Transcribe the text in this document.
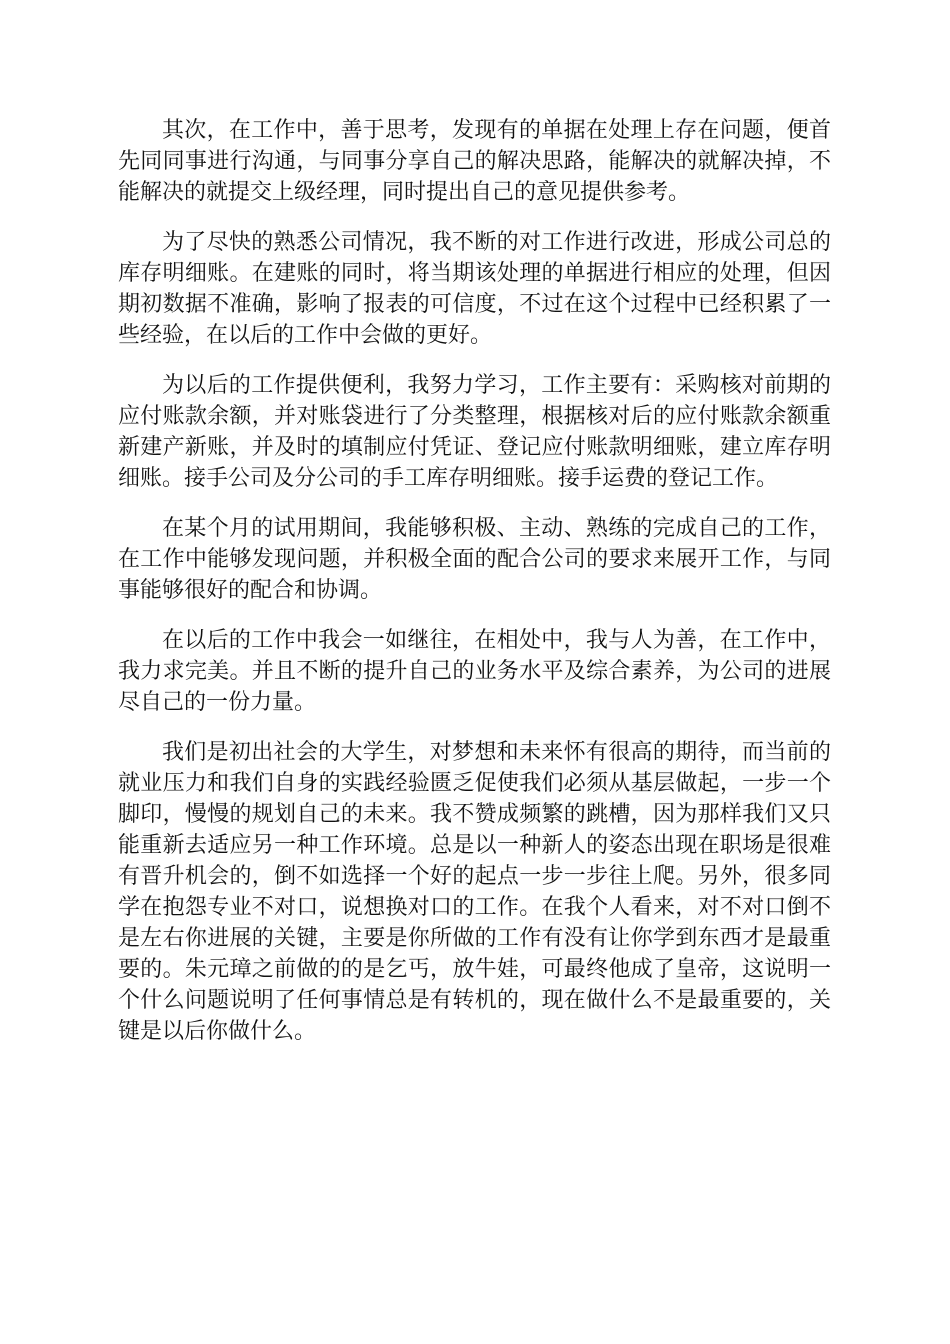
其次，在工作中，善于思考，发现有的单据在处理上存在问题，便首先同同事进行沟通，与同事分享自己的解决思路，能解决的就解决掉，不能解决的就提交上级经理，同时提出自己的意见提供参考。

为了尽快的熟悉公司情况，我不断的对工作进行改进，形成公司总的库存明细账。在建账的同时，将当期该处理的单据进行相应的处理，但因期初数据不准确，影响了报表的可信度，不过在这个过程中已经积累了一些经验，在以后的工作中会做的更好。

为以后的工作提供便利，我努力学习，工作主要有：采购核对前期的应付账款余额，并对账袋进行了分类整理，根据核对后的应付账款余额重新建产新账，并及时的填制应付凭证、登记应付账款明细账，建立库存明细账。接手公司及分公司的手工库存明细账。接手运费的登记工作。

在某个月的试用期间，我能够积极、主动、熟练的完成自己的工作，在工作中能够发现问题，并积极全面的配合公司的要求来展开工作，与同事能够很好的配合和协调。

在以后的工作中我会一如继往，在相处中，我与人为善，在工作中，我力求完美。并且不断的提升自己的业务水平及综合素养，为公司的进展尽自己的一份力量。

我们是初出社会的大学生，对梦想和未来怀有很高的期待，而当前的就业压力和我们自身的实践经验匮乏促使我们必须从基层做起，一步一个脚印，慢慢的规划自己的未来。我不赞成频繁的跳槽，因为那样我们又只能重新去适应另一种工作环境。总是以一种新人的姿态出现在职场是很难有晋升机会的，倒不如选择一个好的起点一步一步往上爬。另外，很多同学在抱怨专业不对口，说想换对口的工作。在我个人看来，对不对口倒不是左右你进展的关键，主要是你所做的工作有没有让你学到东西才是最重要的。朱元璋之前做的的是乞丐，放牛娃，可最终他成了皇帝，这说明一个什么问题说明了任何事情总是有转机的，现在做什么不是最重要的，关键是以后你做什么。
